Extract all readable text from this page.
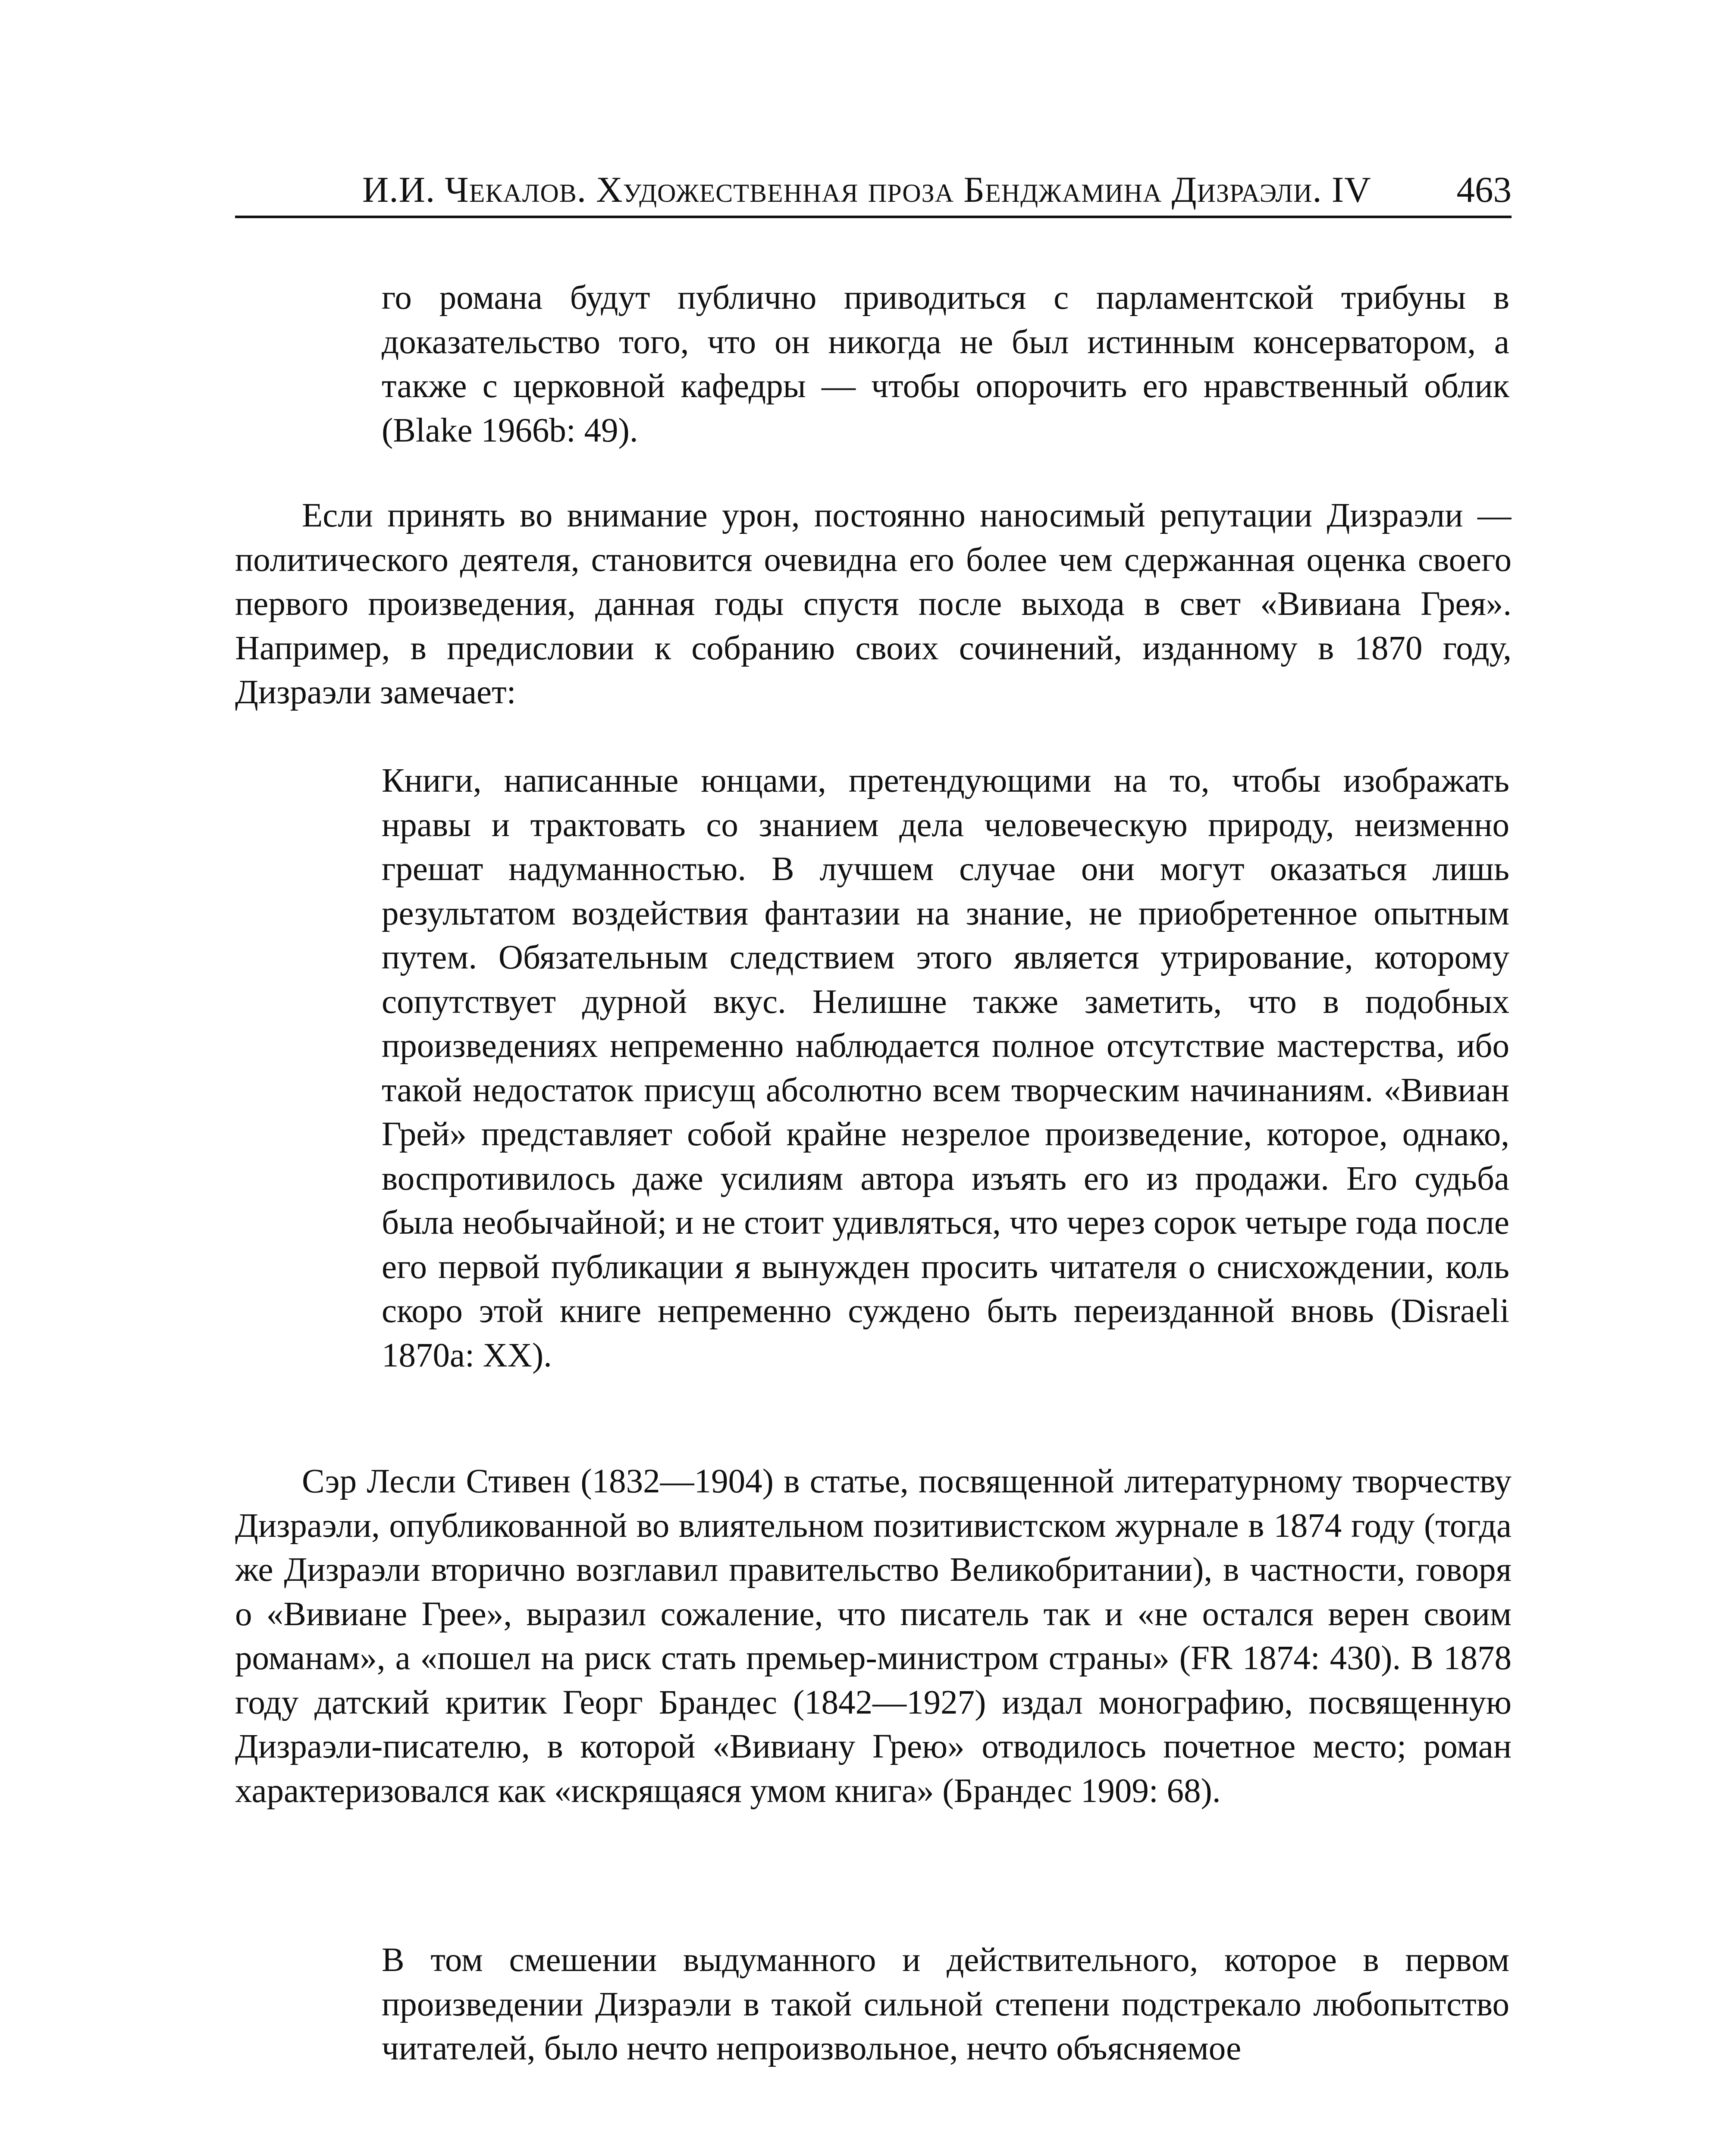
И.И. Чекалов. Художественная проза Бенджамина Дизраэли. IV 463

го романа будут публично приводиться с парламентской трибуны в доказательство того, что он никогда не был истинным консерватором, а также с церковной кафедры — чтобы опорочить его нравственный облик (Blake 1966b: 49).

Если принять во внимание урон, постоянно наносимый репутации Дизраэли — политического деятеля, становится очевидна его более чем сдержанная оценка своего первого произведения, данная годы спустя после выхода в свет «Вивиана Грея». Например, в предисловии к собранию своих сочинений, изданному в 1870 году, Дизраэли замечает:

Книги, написанные юнцами, претендующими на то, чтобы изображать нравы и трактовать со знанием дела человеческую природу, неизменно грешат надуманностью. В лучшем случае они могут оказаться лишь результатом воздействия фантазии на знание, не приобретенное опытным путем. Обязательным следствием этого является утрирование, которому сопутствует дурной вкус. Нелишне также заметить, что в подобных произведениях непременно наблюдается полное отсутствие мастерства, ибо такой недостаток присущ абсолютно всем творческим начинаниям. «Вивиан Грей» представляет собой крайне незрелое произведение, которое, однако, воспротивилось даже усилиям автора изъять его из продажи. Его судьба была необычайной; и не стоит удивляться, что через сорок четыре года после его первой публикации я вынужден просить читателя о снисхождении, коль скоро этой книге непременно суждено быть переизданной вновь (Disraeli 1870a: XX).

Сэр Лесли Стивен (1832—1904) в статье, посвященной литературному творчеству Дизраэли, опубликованной во влиятельном позитивистском журнале в 1874 году (тогда же Дизраэли вторично возглавил правительство Великобритании), в частности, говоря о «Вивиане Грее», выразил сожаление, что писатель так и «не остался верен своим романам», а «пошел на риск стать премьер-министром страны» (FR 1874: 430). В 1878 году датский критик Георг Брандес (1842—1927) издал монографию, посвященную Дизраэли-писателю, в которой «Вивиану Грею» отводилось почетное место; роман характеризовался как «искрящаяся умом книга» (Брандес 1909: 68).

В том смешении выдуманного и действительного, которое в первом произведении Дизраэли в такой сильной степени подстрекало любопытство читателей, было нечто непроизвольное, нечто объясняемое
